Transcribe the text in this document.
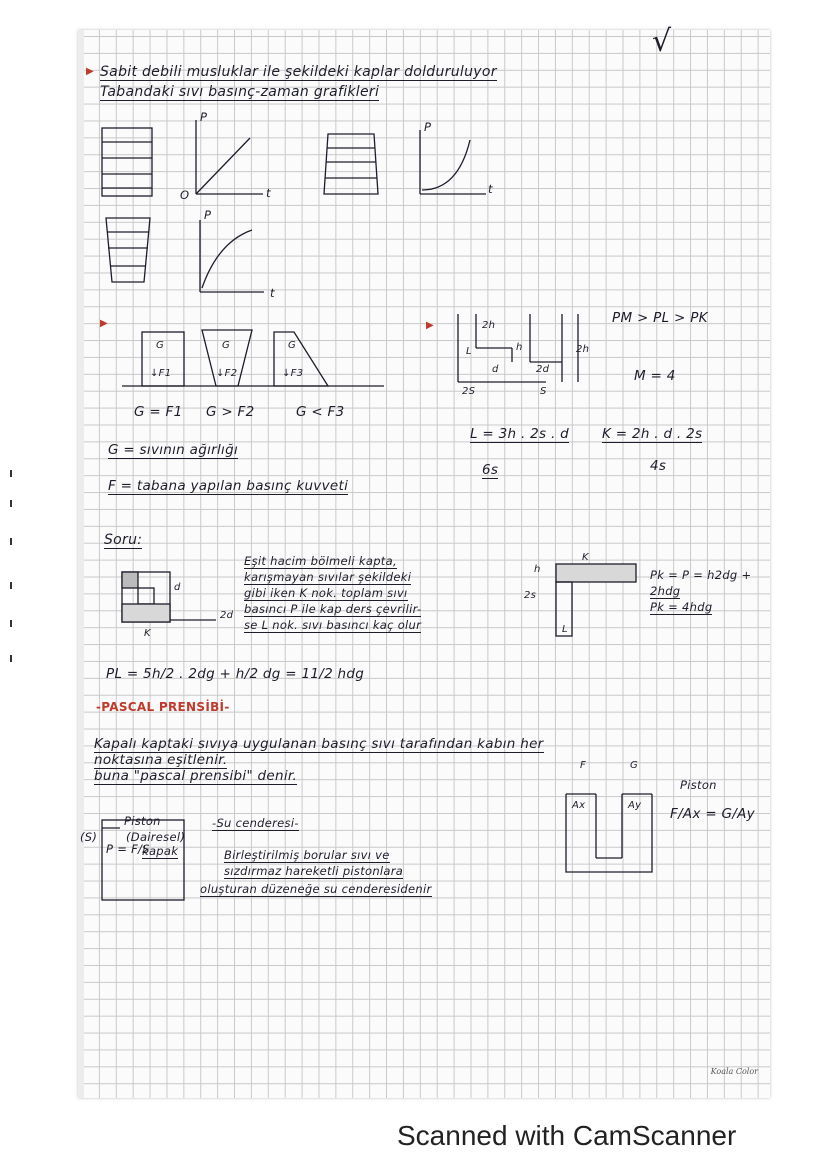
√
▶ Sabit debili musluklar ile şekildeki kaplar dolduruluyor
Tabandaki sıvı basınç-zaman grafikleri
P
t
O
P
t
P
t
▶
G	G	G
↓F1	↓F2	↓F3
G = F1 G > F2	G < F3
G = sıvının ağırlığı
F = tabana yapılan basınç kuvveti
▶	2h
h	2h
2d
d
2S	S
L
PM > PL > PK
M = 4
L = 3h . 2s . d
6s
K = 2h . d . 2s
4s
Soru:
Eşit hacim bölmeli kapta,
karışmayan sıvılar şekildeki
gibi iken K nok. toplam sıvı
basıncı P ile kap ders çevrilir-
se L nok. sıvı basıncı kaç olur
2d
d
K
K
L
h
2s
Pk = P = h2dg +
2hdg
Pk = 4hdg
PL = 5h/2 . 2dg + h/2 dg = 11/2 hdg
-PASCAL PRENSİBİ-
Kapalı kaptaki sıvıya uygulanan basınç sıvı tarafından kabın her
noktasına eşitlenir.
buna "pascal prensibi" denir.
F
Ax
G
Ay
Piston
F/Ax = G/Ay
(S)
Piston	-Su cenderesi-
(Dairesel)
kapak
P = F/S	Birleştirilmiş borular sıvı ve
sızdırmaz hareketli pistonlara
oluşturan düzeneğe su cenderesidenir
Koala Color
Scanned with CamScanner
